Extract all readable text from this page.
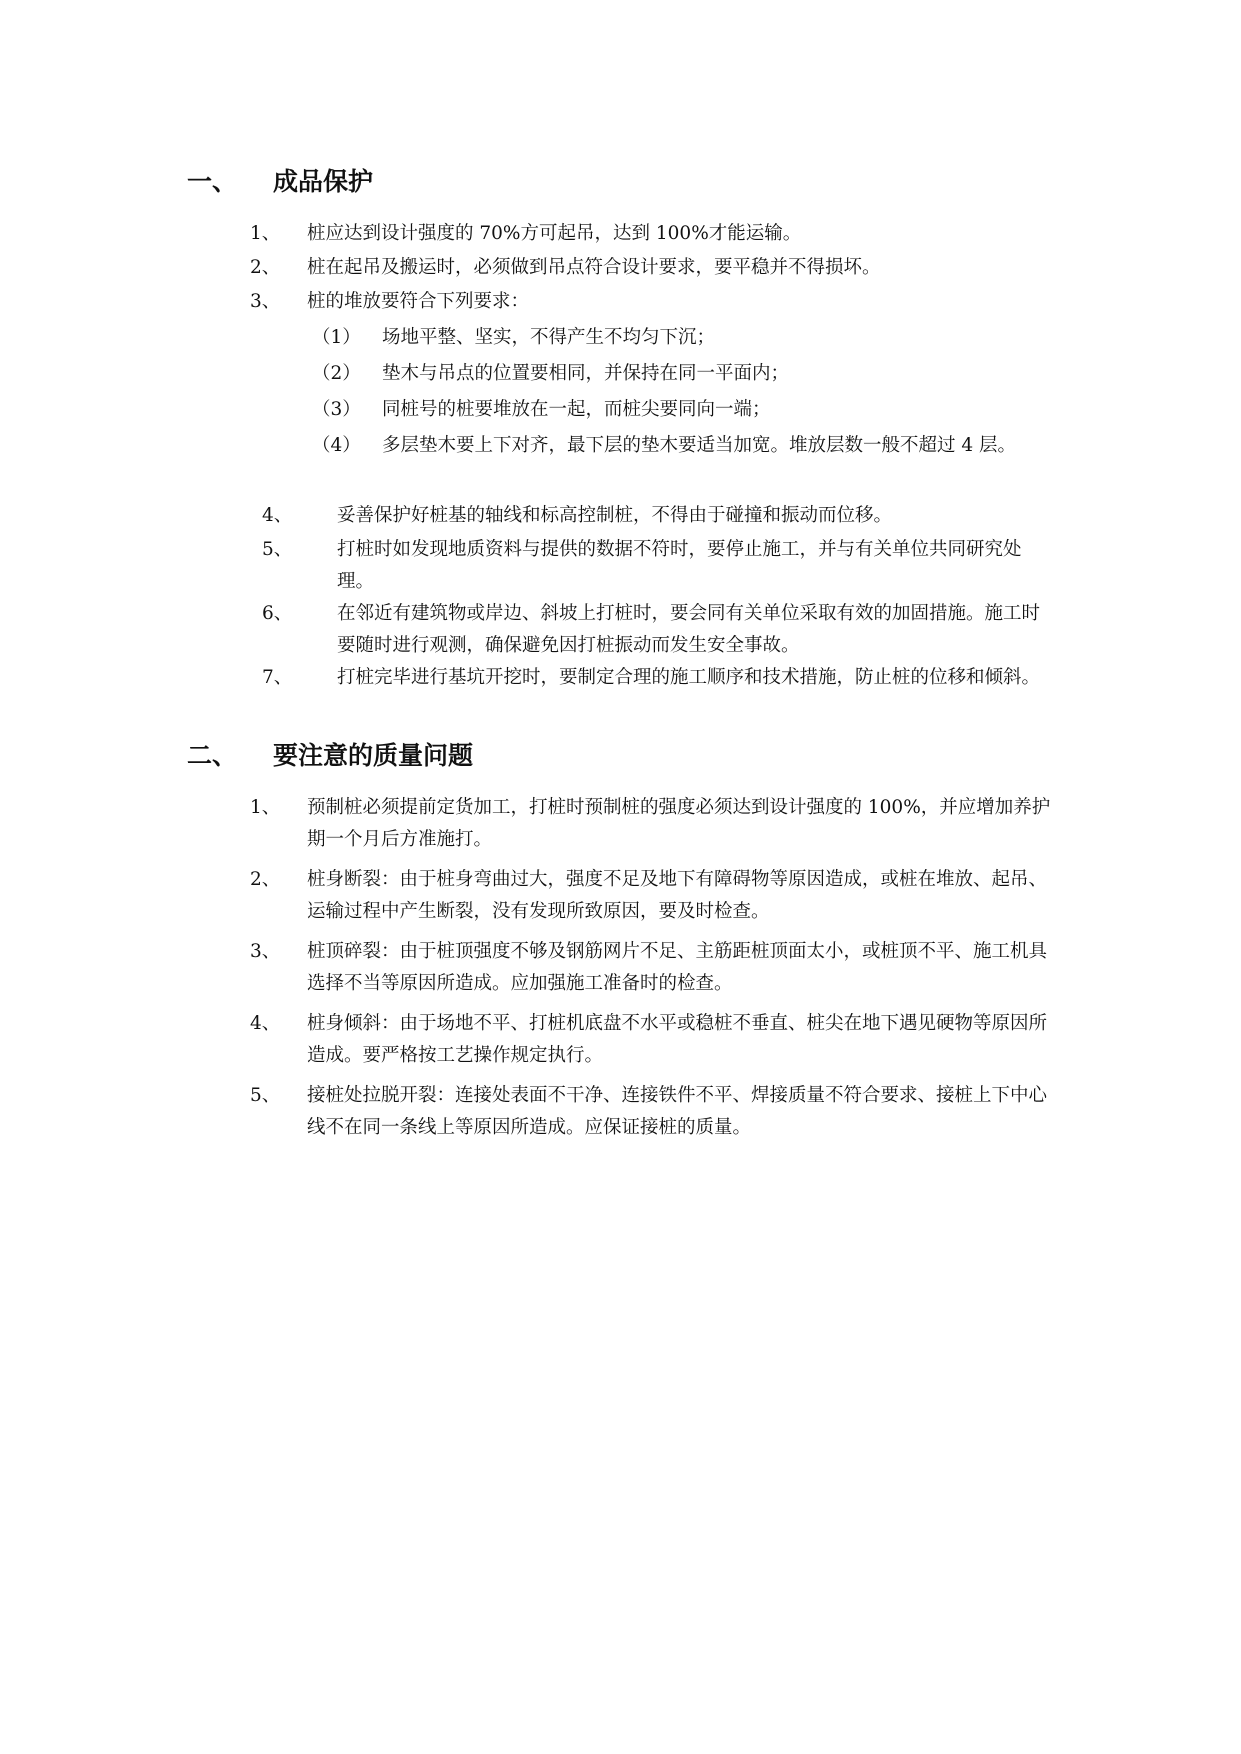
一、 成品保护
1、 桩应达到设计强度的 70%方可起吊，达到 100%才能运输。
2、 桩在起吊及搬运时，必须做到吊点符合设计要求，要平稳并不得损坏。
3、 桩的堆放要符合下列要求：
（1） 场地平整、坚实，不得产生不均匀下沉；
（2） 垫木与吊点的位置要相同，并保持在同一平面内；
（3） 同桩号的桩要堆放在一起，而桩尖要同向一端；
（4） 多层垫木要上下对齐，最下层的垫木要适当加宽。堆放层数一般不超过 4 层。
4、 妥善保护好桩基的轴线和标高控制桩，不得由于碰撞和振动而位移。
5、 打桩时如发现地质资料与提供的数据不符时，要停止施工，并与有关单位共同研究处理。
6、 在邻近有建筑物或岸边、斜坡上打桩时，要会同有关单位采取有效的加固措施。施工时要随时进行观测，确保避免因打桩振动而发生安全事故。
7、 打桩完毕进行基坑开挖时，要制定合理的施工顺序和技术措施，防止桩的位移和倾斜。
二、 要注意的质量问题
1、 预制桩必须提前定货加工，打桩时预制桩的强度必须达到设计强度的 100%，并应增加养护期一个月后方准施打。
2、 桩身断裂：由于桩身弯曲过大，强度不足及地下有障碍物等原因造成，或桩在堆放、起吊、运输过程中产生断裂，没有发现所致原因，要及时检查。
3、 桩顶碎裂：由于桩顶强度不够及钢筋网片不足、主筋距桩顶面太小，或桩顶不平、施工机具选择不当等原因所造成。应加强施工准备时的检查。
4、 桩身倾斜：由于场地不平、打桩机底盘不水平或稳桩不垂直、桩尖在地下遇见硬物等原因所造成。要严格按工艺操作规定执行。
5、 接桩处拉脱开裂：连接处表面不干净、连接铁件不平、焊接质量不符合要求、接桩上下中心线不在同一条线上等原因所造成。应保证接桩的质量。
